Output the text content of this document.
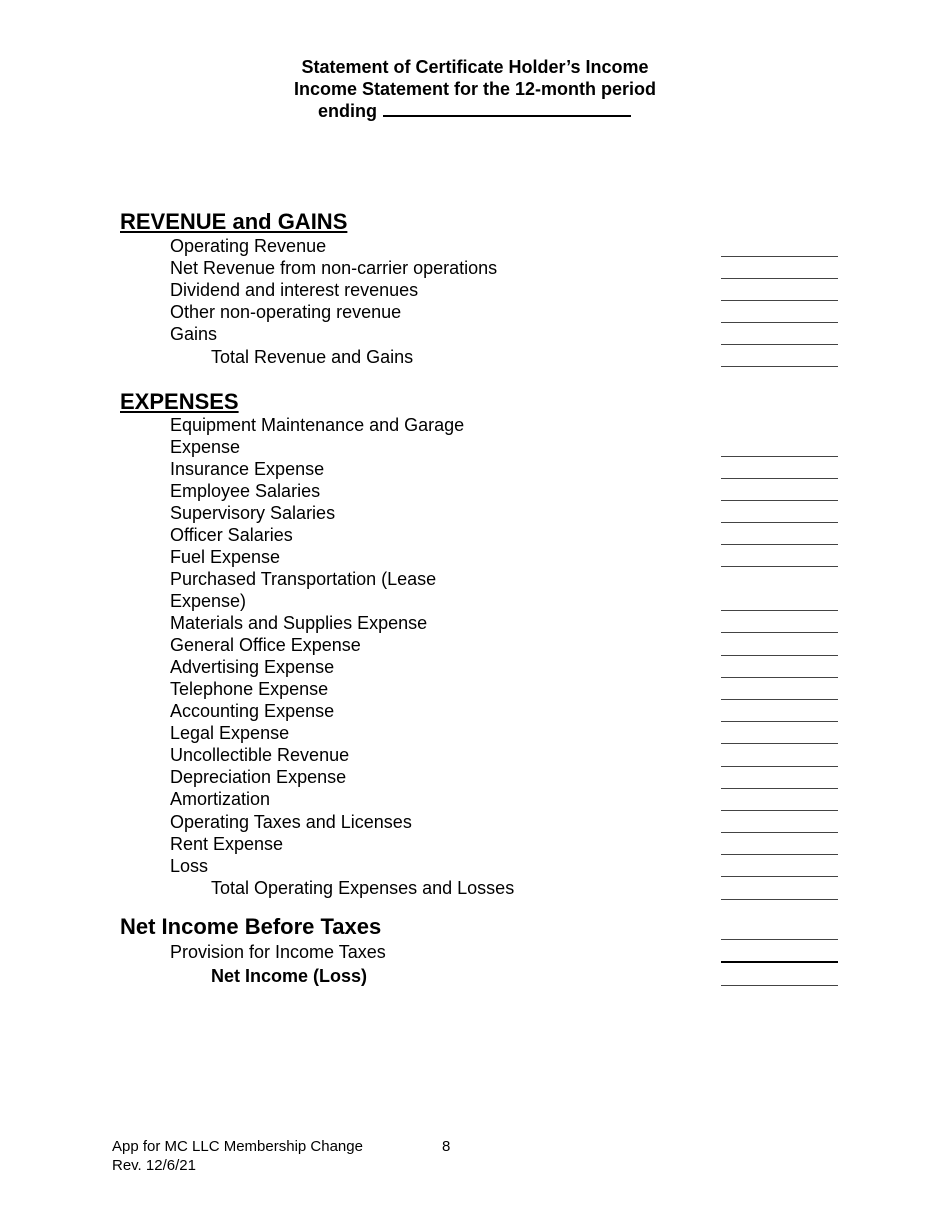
Statement of Certificate Holder’s Income
Income Statement for the 12-month period
ending
REVENUE and GAINS
Operating Revenue
Net Revenue from non-carrier operations
Dividend and interest revenues
Other non-operating revenue
Gains
Total Revenue and Gains
EXPENSES
Equipment Maintenance and Garage
Expense
Insurance Expense
Employee Salaries
Supervisory Salaries
Officer Salaries
Fuel Expense
Purchased Transportation (Lease
Expense)
Materials and Supplies Expense
General Office Expense
Advertising Expense
Telephone Expense
Accounting Expense
Legal Expense
Uncollectible Revenue
Depreciation Expense
Amortization
Operating Taxes and Licenses
Rent Expense
Loss
Total Operating Expenses and Losses
Net Income Before Taxes
Provision for Income Taxes
Net Income (Loss)
App for MC LLC Membership Change	8
Rev. 12/6/21
